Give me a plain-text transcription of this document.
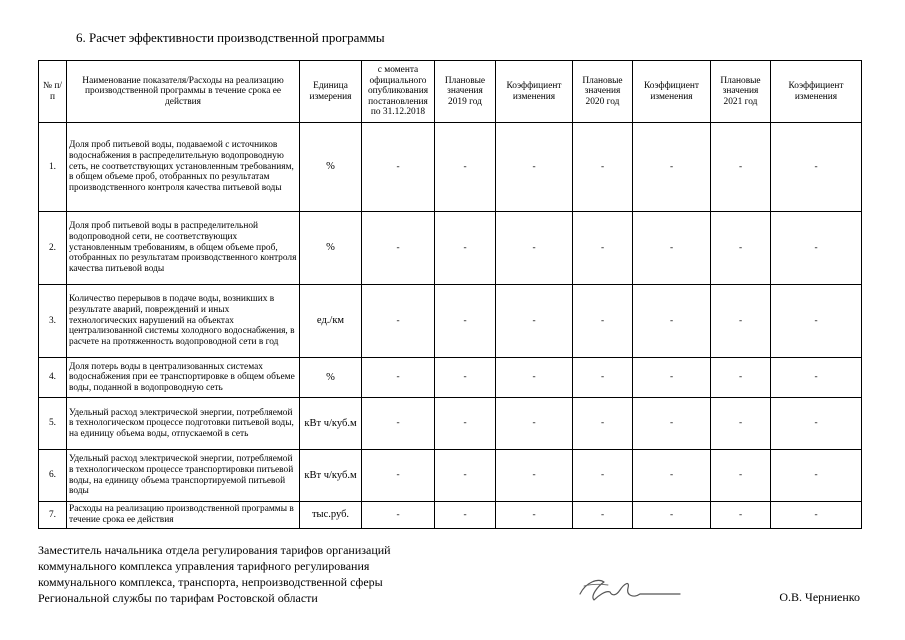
6. Расчет эффективности производственной программы
№ п/п	Наименование показателя/Расходы на реализацию производственной программы в течение срока ее действия	Единица измерения	с момента официального опубликования постановления по 31.12.2018	Плановые значения 2019 год	Коэффициент изменения	Плановые значения 2020 год	Коэффициент изменения	Плановые значения 2021 год	Коэффициент изменения
1.	Доля проб питьевой воды, подаваемой с источников водоснабжения в распределительную водопроводную сеть, не соответствующих установленным требованиям, в общем объеме проб, отобранных по результатам производственного контроля качества питьевой воды	%	-	-	-	-	-	-	-
2.	Доля проб питьевой воды в распределительной водопроводной сети, не соответствующих установленным требованиям, в общем объеме проб, отобранных по результатам производственного контроля качества питьевой воды	%	-	-	-	-	-	-	-
3.	Количество перерывов в подаче воды, возникших в результате аварий, повреждений и иных технологических нарушений на объектах централизованной системы холодного водоснабжения, в расчете на протяженность водопроводной сети в год	ед./км	-	-	-	-	-	-	-
4.	Доля потерь воды в централизованных системах водоснабжения при ее транспортировке в общем объеме воды, поданной в водопроводную сеть	%	-	-	-	-	-	-	-
5.	Удельный расход электрической энергии, потребляемой в технологическом процессе подготовки питьевой воды, на единицу объема воды, отпускаемой в сеть	кВт ч/куб.м	-	-	-	-	-	-	-
6.	Удельный расход электрической энергии, потребляемой в технологическом процессе транспортировки питьевой воды, на единицу объема транспортируемой питьевой воды	кВт ч/куб.м	-	-	-	-	-	-	-
7.	Расходы на реализацию производственной программы в течение срока ее действия	тыс.руб.	-	-	-	-	-	-	-
Заместитель начальника отдела регулирования тарифов организаций
коммунального комплекса управления тарифного регулирования
коммунального комплекса, транспорта, непроизводственной сферы
Региональной службы по тарифам Ростовской области	О.В. Черниенко
